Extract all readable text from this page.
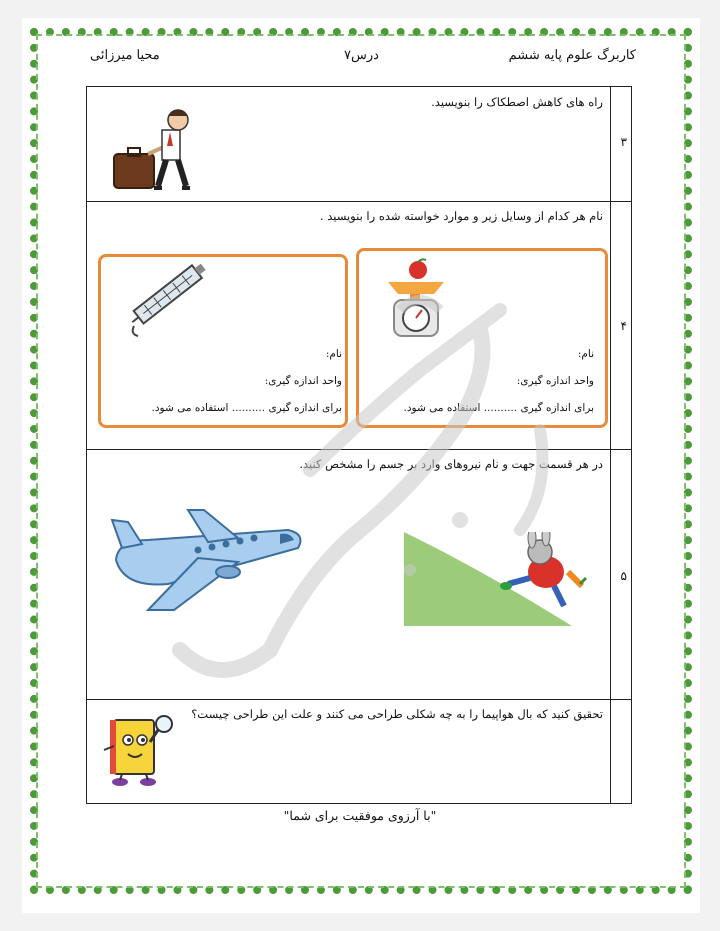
کاربرگ علوم پایه ششم
درس۷
محیا میرزائی
۳
۴
۵
راه های کاهش اصطکاک را بنویسید.
نام هر کدام از وسایل زیر و موارد خواسته شده را بنویسید .
در هر قسمت جهت و نام نیروهای وارد بر جسم را مشخص کنید.
تحقیق کنید که بال هواپیما را به چه شکلی طراحی می کنند و علت این طراحی چیست؟
نام:
واحد اندازه گیری:
برای اندازه گیری .......... استفاده می شود.
نام:
واحد اندازه گیری:
برای اندازه گیری .......... استفاده می شود.
"با آرزوی موفقیت برای شما"
